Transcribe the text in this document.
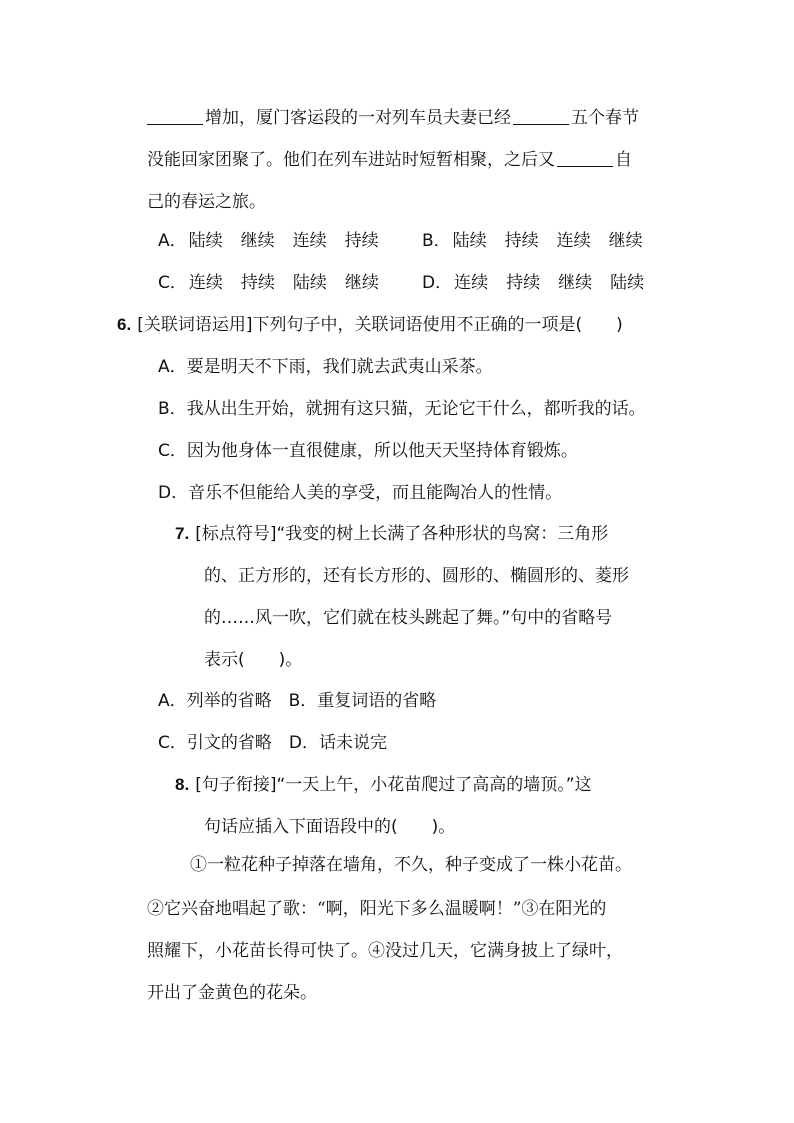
增加，厦门客运段的一对列车员夫妻已经	五个春节
没能回家团聚了。他们在列车进站时短暂相聚，之后又	自
己的春运之旅。
A． 陆续 继续 连续 持续	B． 陆续 持续 连续 继续
C． 连续 持续 陆续 继续	D． 连续 持续 继续 陆续
6. [关联词语运用]下列句子中，关联词语使用不正确的一项是(　　)
A．要是明天不下雨，我们就去武夷山采茶。
B．我从出生开始，就拥有这只猫，无论它干什么，都听我的话。
C．因为他身体一直很健康，所以他天天坚持体育锻炼。
D．音乐不但能给人美的享受，而且能陶冶人的性情。
7. [标点符号]“我变的树上长满了各种形状的鸟窝：三角形
的、正方形的，还有长方形的、圆形的、椭圆形的、菱形
的……风一吹，它们就在枝头跳起了舞。”句中的省略号
表示(　　)。
A．列举的省略　B．重复词语的省略
C．引文的省略　D．话未说完
8. [句子衔接]“一天上午，小花苗爬过了高高的墙顶。”这
句话应插入下面语段中的(　　)。
①一粒花种子掉落在墙角，不久，种子变成了一株小花苗。
②它兴奋地唱起了歌：“啊，阳光下多么温暖啊！”③在阳光的
照耀下，小花苗长得可快了。④没过几天，它满身披上了绿叶，
开出了金黄色的花朵。
